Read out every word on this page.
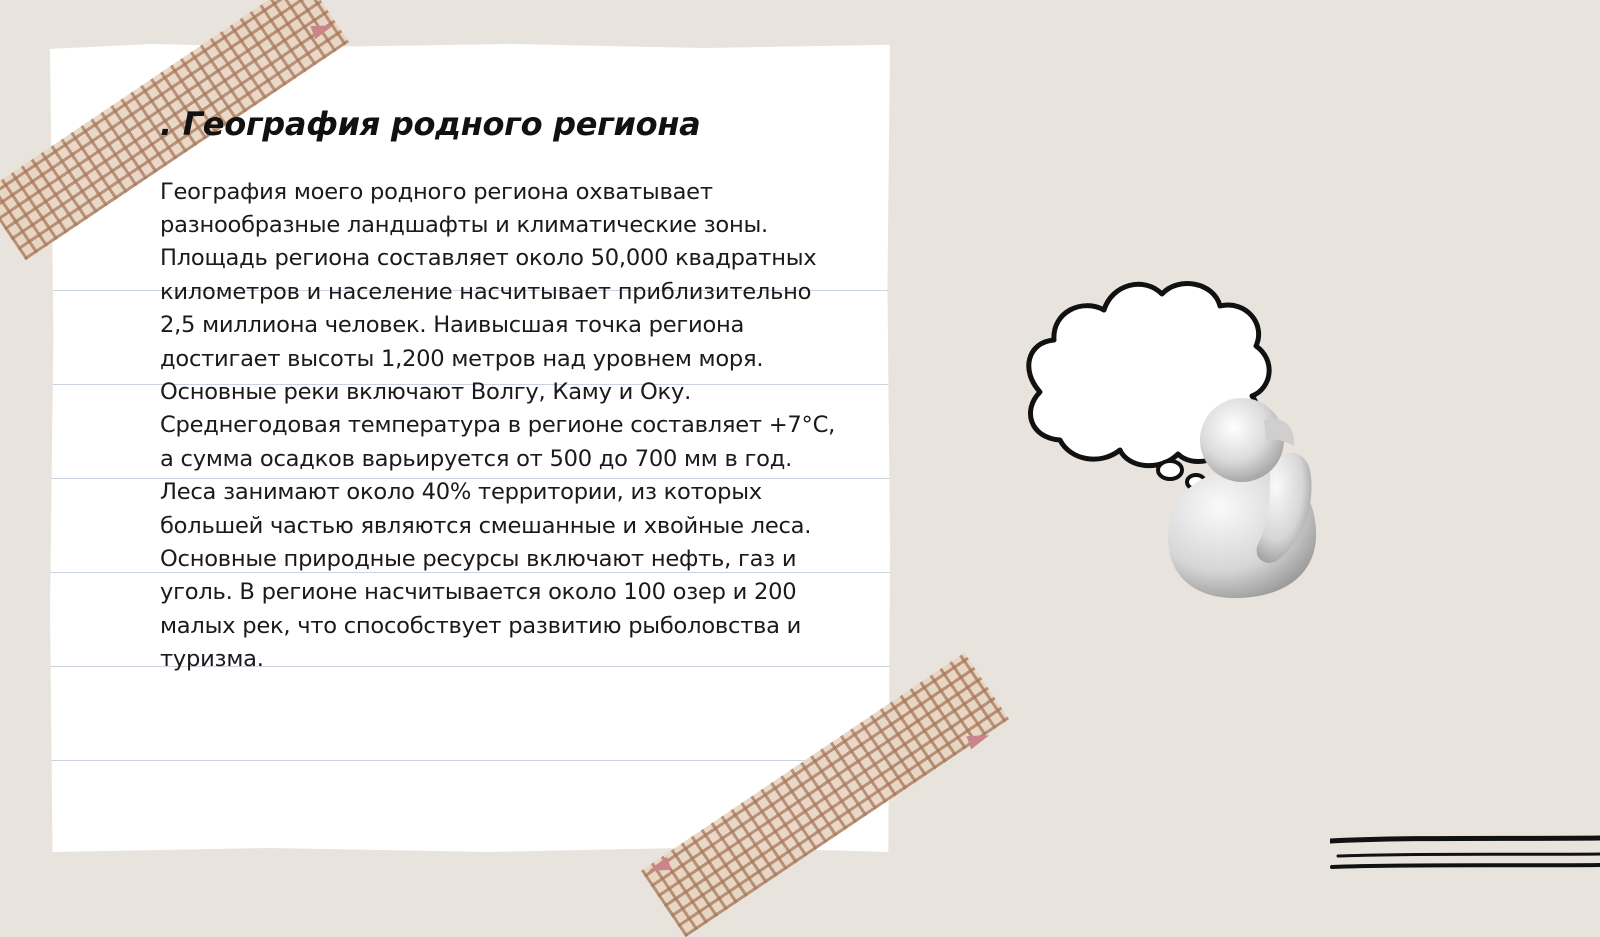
. География родного региона

География моего родного региона охватывает разнообразные ландшафты и климатические зоны. Площадь региона составляет около 50,000 квадратных километров и население насчитывает приблизительно 2,5 миллиона человек. Наивысшая точка региона достигает высоты 1,200 метров над уровнем моря. Основные реки включают Волгу, Каму и Оку. Среднегодовая температура в регионе составляет +7°C, а сумма осадков варьируется от 500 до 700 мм в год. Леса занимают около 40% территории, из которых большей частью являются смешанные и хвойные леса. Основные природные ресурсы включают нефть, газ и уголь. В регионе насчитывается около 100 озер и 200 малых рек, что способствует развитию рыболовства и туризма.
